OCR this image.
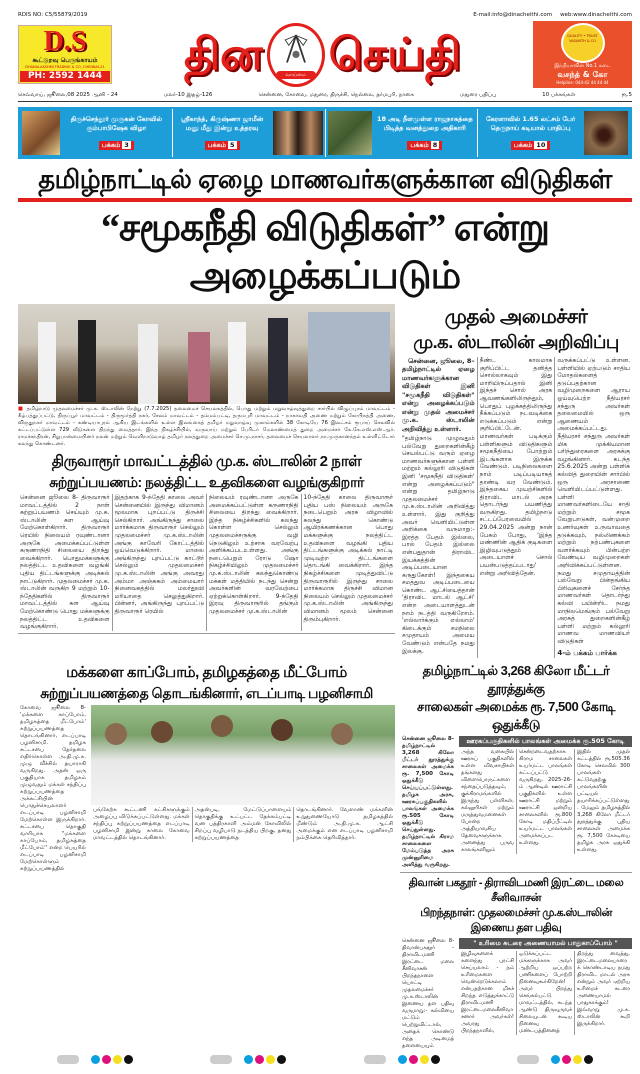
RDIS NO: C5/55879/2019	E-mail:info@dinacheithi.com web:www.dinacheithi.com
D.S
கூட்டுறவு பெருங்காயம்
DHANALAKSHMI TRADING & CO, CHENNAI-21
PH: 2592 1444 தின	வாய்மை செய்தி	QUALITY • TRUST
VASANTH & CO
இந்தியாவின் No.1 கடை
வசந்த் & கோ
Helpline: 044-42 44 44 44
செவ்வாய், ஜூலை,08 2025 ஆனி - 24	மலர்-10 இதழ்-126	சென்னை, கோவை, மதுரை, திருச்சி, நெல்லை, தர்மபுரி, நாகை	மதுரை பதிப்பு	10 பக்கங்கள்	ரூ.5
திருச்செந்தூர் முருகன் கோவில் கும்பாபிஷேக விழா
பக்கம் 3
ஸ்ரீகாந்த், கிருஷ்ணா ஜாமீன் மனு மீது இன்று உத்தரவு
பக்கம் 5
18 அடி நீளமுள்ள ராஜநாகத்தை பிடித்த வனத்துறை அதிகாரி
பக்கம் 8
கேரளாவில் 1.65 லட்சம் பேர் தெருநாய் கடியால் பாதிப்பு
பக்கம் 10
தமிழ்நாட்டில் ஏழை மாணவர்களுக்கான விடுதிகள்
“சமூகநீதி விடுதிகள்” என்று அழைக்கப்படும்
■ தமிழ்நாடு முதலமைச்சர் மு.க. ஸ்டாலின் நேற்று (7.7.2025) தலைமைச் செயலகத்தில், பொது மற்றும் மறுவாழ்வுத்துறை சார்பில் விழுப்புரம் மாவட்டம் - கீழ்பத்துப்பட்டு, திருப்பூர் மாவட்டம் - திருமூர்த்தி நகர், சேலம் மாவட்டம் - தம்மம்பட்டி, தருமபுரி மாவட்டம் - நாகாவதி அணை மற்றும் கோபிநத்தி அணை, விருதுநகர் மாவட்டம் - கண்டியாபுரம் ஆகிய இடங்களில் உள்ள இலங்கைத் தமிழர் மறுவாழ்வு முகாம்களில் 38 கோடியே 76 இலட்சம் ரூபாய் செலவில் கட்டப்பட்டுள்ள 729 வீடுகளை திறந்து வைத்தார். இந்த நிகழ்ச்சியில், வருவாய் மற்றும் பேரிடர் மேலாண்மைத் துறை அமைச்சர் கே.கே.எஸ்.எஸ்.ஆர். ராமச்சந்திரன், சிறுபான்மையினர் நலன் மற்றும் வெளிநாடுவாழ் தமிழர் நலத்துறை அமைச்சர் செ.மு.நாசர், தலைமைச் செயலாளர் நா.முருகானந்தம் உள்ளிட்டோர் கலந்து கொண்டனர்.
திருவாரூர் மாவட்டத்தில் மு.க. ஸ்டாலின் 2 நாள்
சுற்றுப்பயணம்: நலத்திட்ட உதவிகளை வழங்குகிறார்
சென்னை ஜூலை 8- திருவாரூர் மாவட்டத்தில் 2 நாள் சுற்றுப்பயணம் செய்யும் மு.க. ஸ்டாலின் கள ஆய்வு மேற்கொள்கிறார். திருவாரூர் ரெயில் நிலையம் ரவுண்டானா அருகே அமைக்கப்பட்டுள்ள கருணாநிதி சிலையை திறந்து வைக்கிறார். பொதுமக்களுக்கு நலத்திட்ட உதவிகளை வழங்கி புதிய திட்டங்களுக்கு அடிக்கல் நாட்டுகிறார். முதலமைச்சர் மு.க. ஸ்டாலின் வருகிற 9 மற்றும் 10-ந்தேதிகளில் திருவாரூர் மாவட்டத்தில் கள ஆய்வு மேற்கொண்டு பொது மக்களுக்கு நலத்திட்ட உதவிகளை வழங்குகிறார்.
இதற்காக 9-ந்தேதி காலை அவர் சென்னையில் இருந்து விமானம் மூலமாக புறப்பட்டு திருச்சி செல்கிறார். அங்கிருந்து சாலை மார்க்கமாக திருவாரூர் செல்லும் முதலமைச்சர் மு.க.ஸ்டாலின் அங்கு காவேரி கோட்டத்தில் ஓய்வெடுக்கிறார். மாலை அங்கிருந்து புறப்பட்டு காட்டூர் செல்லும் முதலமைச்சர் மு.க.ஸ்டாலின் அங்கு அவரது அம்மா அஞ்சுகம் அம்மையார் நினைவகத்தில் மலர்தூவி மரியாதை செலுத்துகிறார். பின்னர், அங்கிருந்து புறப்பட்டு திருவாரூர் ரெயில்
நிலையம் ரவுண்டானா அருகே அமைக்கப்பட்டுள்ள கருணாநிதி சிலையை திறந்து வைக்கிறார். இந்த நிகழ்ச்சிகளில் கலந்து கொள்ள செல்லும் முதலமைச்சருக்கு வழி நெடுகிலும் உற்சாக வரவேற்பு அளிக்கப்படஉள்ளது. அங்கு நடைபெறும் ரோடு ஷோ நிகழ்ச்சியிலும் முதலமைச்சர் மு.க.ஸ்டாலின் கலந்துகொண்டு மக்கள் மத்தியில் நடந்து சென்று அவர்களின் வரவேற்பை ஏற்றுக்கொள்கிறார். 9-ந்தேதி இரவு திருவாரூரில் தங்கும் முதலமைச்சர் மு.க.ஸ்டாலின்
10-ந்தேதி காலை திருவாரூர் புதிய பஸ் நிலையம் அருகே நடைபெறும் அரசு விழாவில் கலந்து கொண்டு ஆயிரக்கணக்கான பொது மக்களுக்கு நலத்திட்ட உதவிகளை வழங்கி புதிய திட்டங்களுக்கு அடிக்கல் நாட்டி முடிவுற்ற திட்டங்களை தொடங்கி வைக்கிறார். இந்த நிகழ்ச்சிகளை முடித்துவிட்டு திருவாரூரில் இருந்து சாலை மார்க்கமாக திருச்சி விமான நிலையம் செல்லும் முதலமைச்சர் மு.க.ஸ்டாலின் அங்கிருந்து விமானம் மூலம் சென்னை திரும்புகிறார்.
முதல் அமைச்சர்
மு.க. ஸ்டாலின் அறிவிப்பு
சென்னை, ஜூலை, 8–
தமிழ்நாட்டில் ஏழை மாணவர்களுக்கான விடுதிகள் இனி "சமூகநீதி விடுதிகள்" என்று அழைக்கப்படும் என்று முதல் அமைச்சர் மு.க. ஸ்டாலின் அறிவித்து உள்ளார்.
"தமிழ்நாடு முழுவதும் பல்வேறு துறைகளின்கீழ் செயல்பட்டு வரும் ஏழை மாணவர்களுக்கான பள்ளி மற்றும் கல்லூரி விடுதிகள் இனி 'சமூகநீதி விடுதிகள்' என்று அழைக்கப்படும்" என்று தமிழ்நாடு முதலமைச்சர் மு.க.ஸ்டாலின் அறிவித்து உள்ளார். இது குறித்து அவர் வெளியிட்டுள்ள அறிக்கை வருமாறு:- இரத்த பேதம் இல்லை, பால் பேதம் இல்லை என்பதுதான் திராவிட இயக்கத்தின் அடிப்படையான கருதுகோள்! இந்தகைய சமத்துவ அடிப்படையை கொண்ட ஆட்சியைத்தான் 'திராவிட மாடல் ஆட்சி' என்ற அடையாளத்துடன் நாம் நடத்தி வருகிறோம். 'எல்லார்க்கும் எல்லாம்' கிடைக்கும் சமநிலை சமுதாயம் அமைய வேண்டும் என்பதே நமது இலக்கு.
நீண்ட காலமாக குறிப்பிட்ட தனித்த சொல்லாகவும் இது மாறியிருப்பதால் இனி இந்தச் சொல் அரசு ஆவணங்களிலிருந்தும், பொதுப் புழக்கத்திலிருந்து நீக்கப்படும் நடவடிக்கை எடுக்கப்படும் என்று குறிப்பிட்டேன். மாணவர்கள் படிக்கும் பள்ளிகளும் விடுதிகளும் சமூகநீதியை போற்றும் இடங்களாக இருக்க வேண்டும். படிநிலைகளை நாம் படிப்படியாகத் தாண்டி வர வேண்டும். இந்தகைய முயற்சிகளில் திராவிட மாடல் அரசு தொடர்ந்து பயணித்து வருகிறது. தமிழ்நாடு சட்டப்பேரவையில் 29.04.2025 அன்று நான் பேசும் போது, 'இந்த மண்ணின் ஆதிக் குடிகளை இழிவுபடுத்தும் அடையாளச் சொல் பயன்படுத்தப்படாது' என்று அறிவித்தேன்.
வருக்கப்பட்டு உள்ளன. பள்ளியில் ஏற்படும் சாதிய மோதல்களைத் தடுப்பதற்கான வழிமுறைகளை ஆராய ஓய்வுபெற்ற நீதியரசர் சந்துரு அவர்கள் தலைமையில் ஒரு ஆணையம் அமைக்கப்பட்டது. நீதியரசர் சந்துரு அவர்கள் மிக முக்கியமான பரிந்துரைகளை அரசுக்கு வழங்கினார். கடந்த 25.6.2025 அன்று பள்ளிக் கல்வித் துறையின் சார்பில் ஒரு அரசாணை வெளியிடப்பட்டுள்ளது. பள்ளி மாணவர்களிடையே சாதி மற்றும் சமூக வேறுபாடுகள், வன்முறை உணர்வுகள் உருவாவதை தடுக்கவும், நல்லிணக்கம் மற்றும் நற்பண்புகளை வளர்க்கவும் பின்பற்ற வேண்டிய வழிமுறைகள் அறிவிக்கப்பட்டுள்ளன. நமது சமுதாயத்தின் பல்வேறு பின்தங்கிய பிரிவுகளைச் சேர்ந்த மாணவர்கள் தொடர்ந்து கல்வி பயின்றிட நமது மாநிலமெங்கும் பல்வேறு அரசுத் துறைகளின்கீழ் பள்ளி மற்றும் கல்லூரி மாணவ மாணவியர் விடுதிகள்
4-ம் பக்கம் பார்க்க
மக்களை காப்போம், தமிழகத்தை மீட்போம்
சுற்றுப்பயணத்தை தொடங்கினார், எடப்பாடி பழனிசாமி
கோவை ஜூலை 8- 'மக்களை காப்போம், தமிழகத்தை மீட்போம்' சுற்றுப்பயணத்தை தொடங்கினார், எடப்பாடி பழனிசாமி. தமிழக சட்டசபை தேர்தலை எதிர்கொள்ள அ.தி.மு.க. முழு வீச்சில் தயாராகி வருகிறது. அதன் ஒரு பகுதியாக தமிழகம் முழுவதும் மக்கள் சந்திப்பு சுற்றுப்பயணத்தை அக்கட்சியின் பொதுச்செயலாளர் எடப்பாடி பழனிசாமி மேற்கொள்ள இருக்கிறார். சட்டசபை தொகுதி வாரியாக "மக்களை காப்போம், தமிழகத்தை மீட்போம்'' என்ற பெயரில் எடப்பாடி பழனிசாமி மேற்கொள்ளும் சுற்றுப்பயணத்தில்
பங்கேற்க கூட்டணி கட்சிகளுக்கும் அழைப்பு விடுக்கப்பட்டுள்ளது. மக்கள் சந்திப்பு சுற்றுப்பயணத்தை எடப்பாடி பழனிசாமி இன்று காலை கோவை மாவட்டத்தில் தொடங்கினார்.
அதன்படி, மேட்டுப்பாளையம் தொகுதிக்கு உட்பட்ட தேக்கம்பட்டி வன பத்திரகாளி அம்மன் கோவிலில் சிறப்பு வழிபாடு நடத்திய பிறகு, தனது சுற்றுப்பயணத்தை
தொடங்கினார். வேளாண் மக்களின் உறுதுணையோடு தமிழகத்தில் மீண்டும் அ.தி.மு.க. ஆட்சி அமைக்கும் என எடப்பாடி பழனிசாமி நம்பிக்கை தெரிவித்தார்.
தமிழ்நாட்டில் 3,268 கிலோ மீட்டர் தூரத்துக்கு
சாலைகள் அமைக்க ரூ. 7,500 கோடி ஒதுக்கீடு
சென்னை ஜூலை 8- தமிழ்நாட்டில் 3,268 கிலோ மீட்டர் தூரத்துக்கு சாலைகள் அமைக்க ரூ. 7,500 கோடி ஒதுக்கீடு செய்யப்பட்டுள்ளது. தமிழக அரசு, ஊரகப்பகுதிகளில் பாலங்கள் அமைக்க ரூ.505 கோடி ஒதுக்கீடு செய்துள்ளது. தமிழ்நாட்டில் கிராம சாலைகளை மேம்படுத்த அரசு முன்னுரிமை அளித்து வருகிறது.
ஊரகப்பகுதிகளில் பாலங்கள் அமைக்க ரூ.505 கோடி
அந்த வகையில் ஊரகப் பகுதிகளில் உள்ள விவசாயிகள் தங்களது விளைபொருட்களை சந்தைப்படுத்தவும், குக்கிராமங்களில் இருந்து பள்ளிகள், கல்லூரிகள் மற்றும் மருத்துவமனைகள் போன்ற அத்தியாவசிய தேவைகளுக்காக அனைத்து பருவ காலங்களிலும்
சென்றடைவதற்காக கிராம சாலைகள் உயர்மட்ட பாலங்கள் கட்டப்பட்டு வருகிறது. 2025-26-ம் ஆண்டில் ஊராட்சி பகுதிகளில் உள்ள ஊராட்சி மற்றும் ஊராட்சி ஒன்றிய சாலைகளில் ரூ.800 கோடி மதிப்பீட்டில் உயர்மட்ட பாலங்கள் அமைக்கப்பட உள்ளது.
இதில் முதல் கட்டத்தில் ரூ.505.36 கோடி செலவில் 300 பாலங்கள் கட்டுவதற்கு பாலங்களின் பட்டியல் தயாரிக்கப்பட்டுள்ளது. மேலும் தமிழகத்தில் 3,268 கிலோ மீட்டர் தூரத்துக்கு புதிய சாலைகள் அமைக்க ரூ. 7,500 கோடியை தமிழக அரசு ஒதுக்கி உள்ளது.
திவான் பகதூர் - திராவிடமணி இரட்டை மலை சீனிவாசன்
பிறந்தநாள்: முதலமைச்சர் மு.க.ஸ்டாலின் இணைய தள பதிவு
சென்னை ஜூலை 8- திவான்பகதூர் - திராவிடமணி இரட்டை மலை சீனிவாசன் பிறந்தநாளை யொட்டி முதலமைச்சர் மு.க.ஸ்டாலின் இணைய தள பதிவு வருமாறு:- கல்வியை மட்டும் பெற்றுவிட்டால், அதைக் கொண்டு எந்த அடிமைத் தளையையும்
" உரிமை சுடரை அணையாமல் பாதுகாப்போம் "
இழிவுகளைக் களைந்து புரட்சி செய்யலாம் - நம் உரிமைகளை வென்றெடுக்கலாம் என்பதற்கான மிகச் சிறந்த எடுத்துக்காட்டு திராவிடமணி இரட்டைமலைசீனிவாசனார் அவர்கள்! அவரது பிறந்தநாளில்,
ஒடுக்கப்பட்ட மக்களுக்காக அவர் ஆற்றிய ஒப்பற்ற பணிகளைப் போற்றி நினைவுகூர்கிறேன்! அவர் பிறந்து செங்கல்பட்டு மாவட்டத்தில், கடந்த ஆண்டு திருவுருவச் சிலையுடன் கூடிய நினைவு மண்டபத்தினைத்
திறந்து வைத்து, இரட்டைமலையாரைக் கொண்டாடிய நமது திராவிட மாடல் அரசு என்றும் அவர் ஏற்றிய உரிமைச் சுடரை அணையாமல் பாதுகாக்கும்! இவ்வாறு மு.க. ஸ்டாலின் கூறி இருக்கிறார்.
